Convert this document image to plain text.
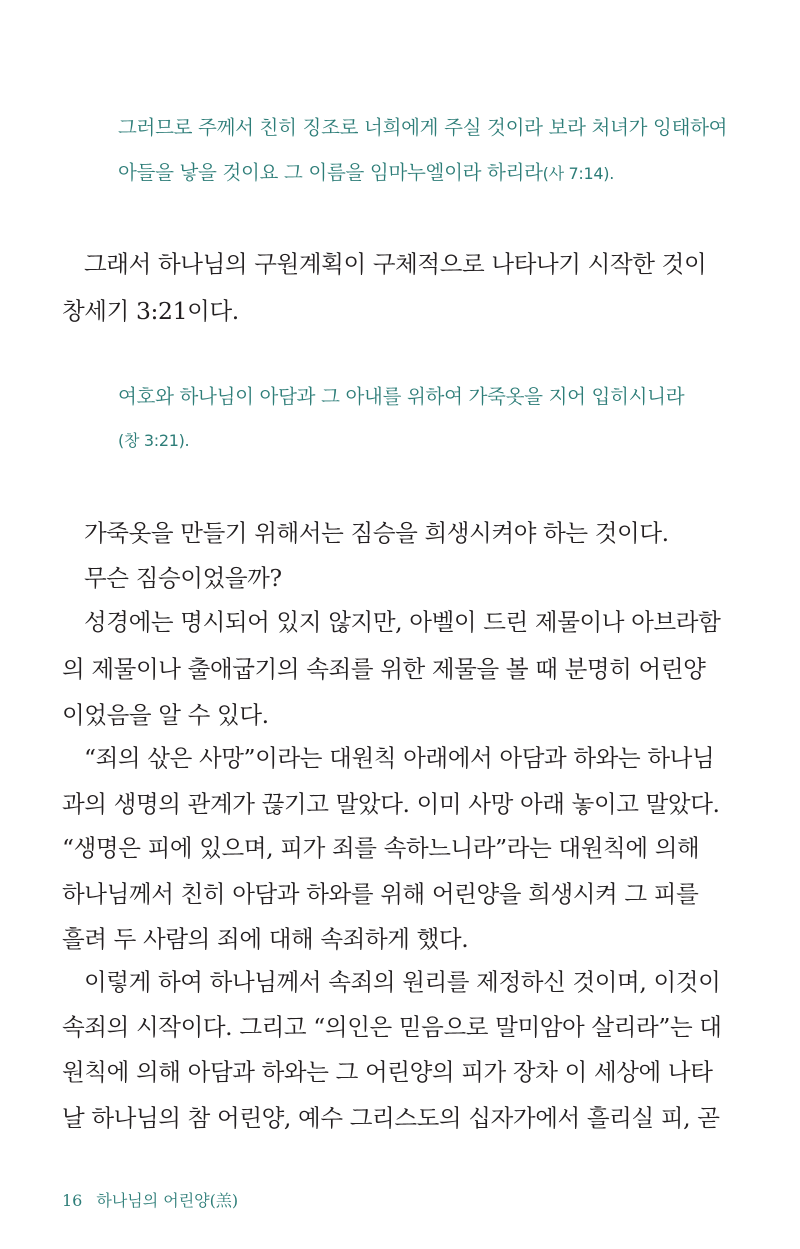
그러므로 주께서 친히 징조로 너희에게 주실 것이라 보라 처녀가 잉태하여
아들을 낳을 것이요 그 이름을 임마누엘이라 하리라(사 7:14).
그래서 하나님의 구원계획이 구체적으로 나타나기 시작한 것이
창세기 3:21이다.
여호와 하나님이 아담과 그 아내를 위하여 가죽옷을 지어 입히시니라
(창 3:21).
가죽옷을 만들기 위해서는 짐승을 희생시켜야 하는 것이다.
무슨 짐승이었을까?
성경에는 명시되어 있지 않지만, 아벨이 드린 제물이나 아브라함
의 제물이나 출애굽기의 속죄를 위한 제물을 볼 때 분명히 어린양
이었음을 알 수 있다.
“죄의 삯은 사망”이라는 대원칙 아래에서 아담과 하와는 하나님
과의 생명의 관계가 끊기고 말았다. 이미 사망 아래 놓이고 말았다.
“생명은 피에 있으며, 피가 죄를 속하느니라”라는 대원칙에 의해
하나님께서 친히 아담과 하와를 위해 어린양을 희생시켜 그 피를
흘려 두 사람의 죄에 대해 속죄하게 했다.
이렇게 하여 하나님께서 속죄의 원리를 제정하신 것이며, 이것이
속죄의 시작이다. 그리고 “의인은 믿음으로 말미암아 살리라”는 대
원칙에 의해 아담과 하와는 그 어린양의 피가 장차 이 세상에 나타
날 하나님의 참 어린양, 예수 그리스도의 십자가에서 흘리실 피, 곧
16 하나님의 어린양(羔)
